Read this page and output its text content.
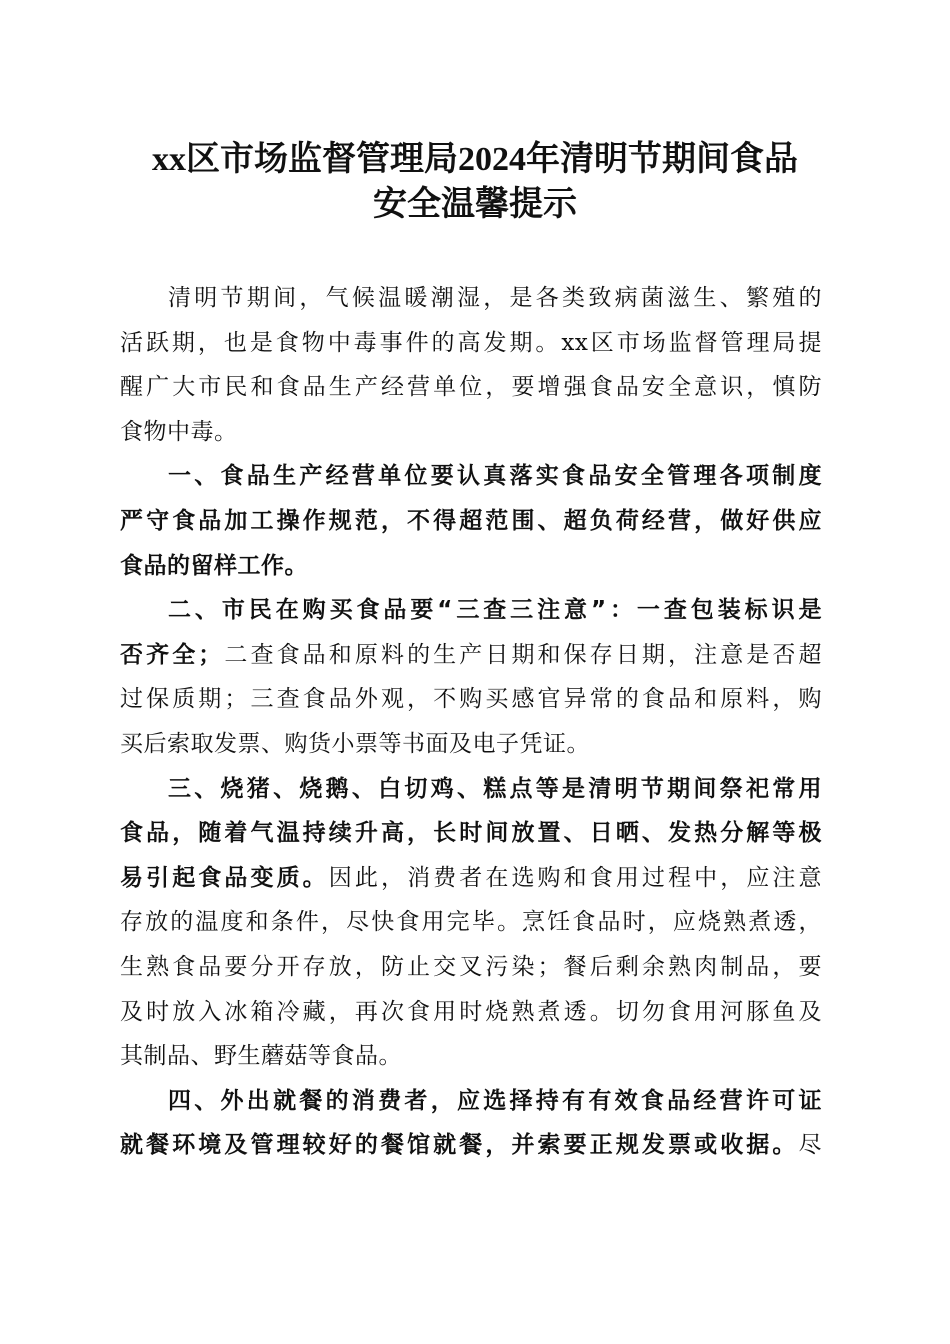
xx区市场监督管理局2024年清明节期间食品
安全温馨提示
清明节期间，气候温暖潮湿，是各类致病菌滋生、繁殖的
活跃期，也是食物中毒事件的高发期。xx区市场监督管理局提
醒广大市民和食品生产经营单位，要增强食品安全意识，慎防
食物中毒。
一、食品生产经营单位要认真落实食品安全管理各项制度
严守食品加工操作规范，不得超范围、超负荷经营，做好供应
食品的留样工作。
二、市民在购买食品要“三查三注意”：一查包装标识是
否齐全；二查食品和原料的生产日期和保存日期，注意是否超
过保质期；三查食品外观，不购买感官异常的食品和原料，购
买后索取发票、购货小票等书面及电子凭证。
三、烧猪、烧鹅、白切鸡、糕点等是清明节期间祭祀常用
食品，随着气温持续升高，长时间放置、日晒、发热分解等极
易引起食品变质。因此，消费者在选购和食用过程中，应注意
存放的温度和条件，尽快食用完毕。烹饪食品时，应烧熟煮透，
生熟食品要分开存放，防止交叉污染；餐后剩余熟肉制品，要
及时放入冰箱冷藏，再次食用时烧熟煮透。切勿食用河豚鱼及
其制品、野生蘑菇等食品。
四、外出就餐的消费者，应选择持有有效食品经营许可证
就餐环境及管理较好的餐馆就餐，并索要正规发票或收据。尽
